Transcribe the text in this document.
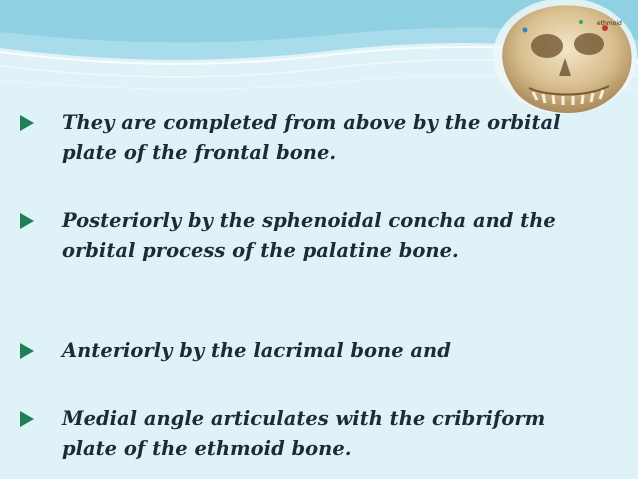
ethmoid
They are completed from above by the orbital
plate of the frontal bone.
Posteriorly by the sphenoidal concha and the
orbital process of the palatine bone.
Anteriorly by the lacrimal bone and
Medial angle articulates with the cribriform
plate of the ethmoid bone.
